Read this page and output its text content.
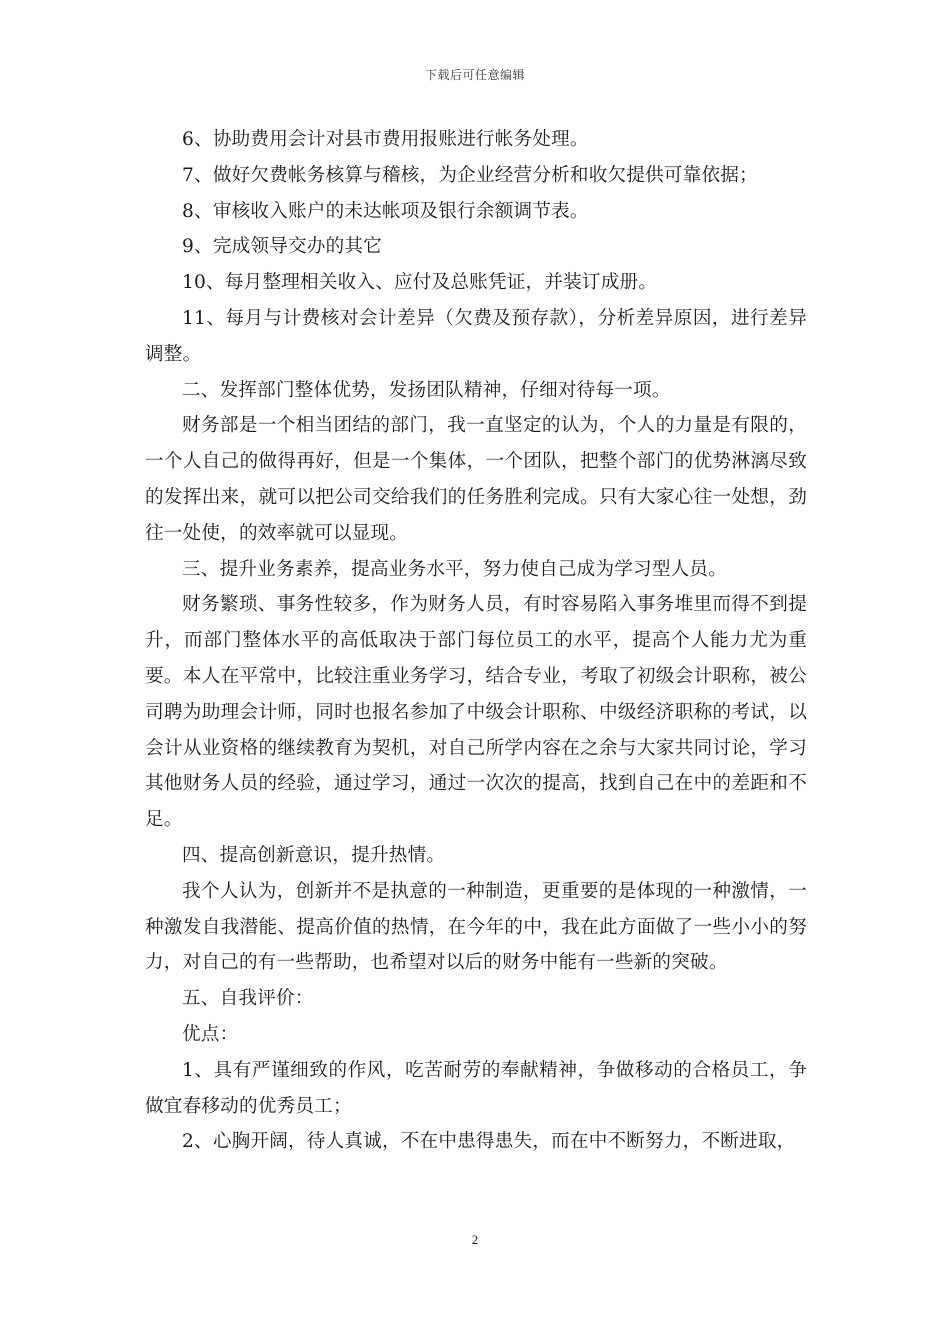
下载后可任意编辑

6、协助费用会计对县市费用报账进行帐务处理。

7、做好欠费帐务核算与稽核，为企业经营分析和收欠提供可靠依据；

8、审核收入账户的未达帐项及银行余额调节表。

9、完成领导交办的其它

10、每月整理相关收入、应付及总账凭证，并装订成册。

11、每月与计费核对会计差异（欠费及预存款），分析差异原因，进行差异调整。

二、发挥部门整体优势，发扬团队精神，仔细对待每一项。

财务部是一个相当团结的部门，我一直坚定的认为，个人的力量是有限的，一个人自己的做得再好，但是一个集体，一个团队，把整个部门的优势淋漓尽致的发挥出来，就可以把公司交给我们的任务胜利完成。只有大家心往一处想，劲往一处使，的效率就可以显现。

三、提升业务素养，提高业务水平，努力使自己成为学习型人员。

财务繁琐、事务性较多，作为财务人员，有时容易陷入事务堆里而得不到提升，而部门整体水平的高低取决于部门每位员工的水平，提高个人能力尤为重要。本人在平常中，比较注重业务学习，结合专业，考取了初级会计职称，被公司聘为助理会计师，同时也报名参加了中级会计职称、中级经济职称的考试，以会计从业资格的继续教育为契机，对自己所学内容在之余与大家共同讨论，学习其他财务人员的经验，通过学习，通过一次次的提高，找到自己在中的差距和不足。

四、提高创新意识，提升热情。

我个人认为，创新并不是执意的一种制造，更重要的是体现的一种激情，一种激发自我潜能、提高价值的热情，在今年的中，我在此方面做了一些小小的努力，对自己的有一些帮助，也希望对以后的财务中能有一些新的突破。

五、自我评价：

优点：

1、具有严谨细致的作风，吃苦耐劳的奉献精神，争做移动的合格员工，争做宜春移动的优秀员工；

2、心胸开阔，待人真诚，不在中患得患失，而在中不断努力，不断进取，

2
